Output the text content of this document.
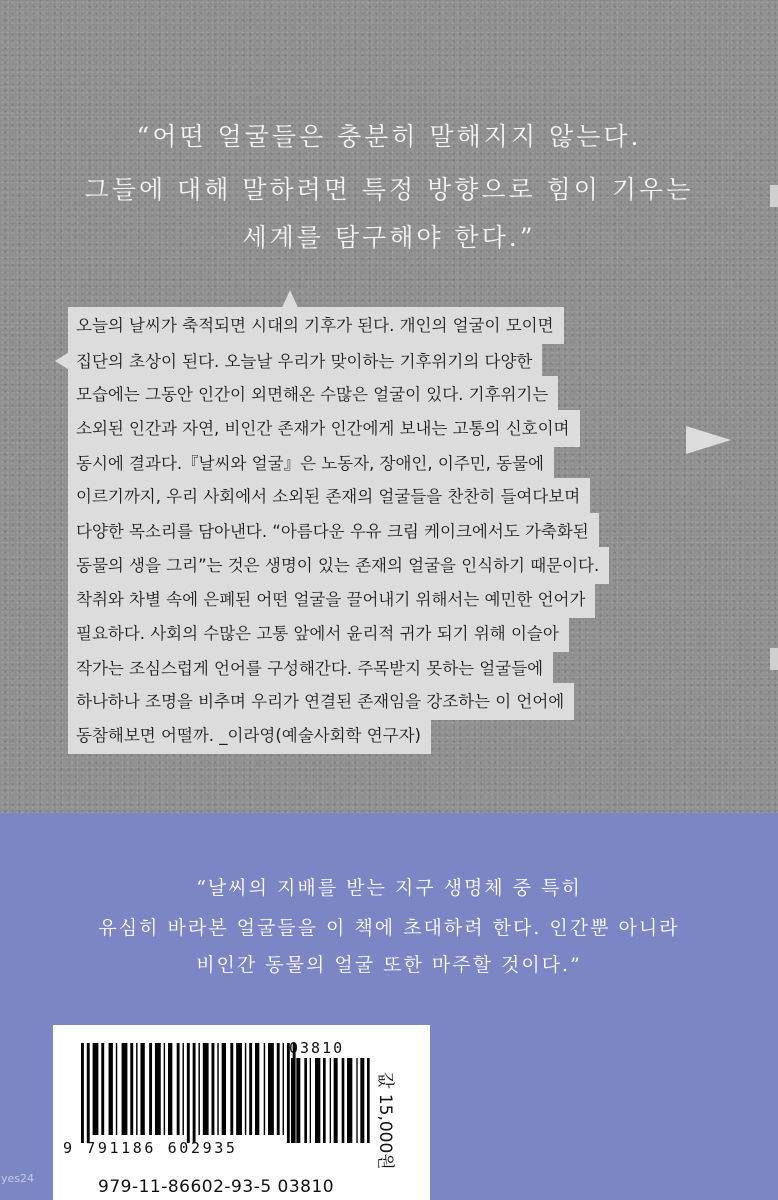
“어떤 얼굴들은 충분히 말해지지 않는다.
그들에 대해 말하려면 특정 방향으로 힘이 기우는
세계를 탐구해야 한다.”
오늘의 날씨가 축적되면 시대의 기후가 된다. 개인의 얼굴이 모이면
집단의 초상이 된다. 오늘날 우리가 맞이하는 기후위기의 다양한
모습에는 그동안 인간이 외면해온 수많은 얼굴이 있다. 기후위기는
소외된 인간과 자연, 비인간 존재가 인간에게 보내는 고통의 신호이며
동시에 결과다.『날씨와 얼굴』은 노동자, 장애인, 이주민, 동물에
이르기까지, 우리 사회에서 소외된 존재의 얼굴들을 찬찬히 들여다보며
다양한 목소리를 담아낸다. “아름다운 우유 크림 케이크에서도 가축화된
동물의 생을 그리”는 것은 생명이 있는 존재의 얼굴을 인식하기 때문이다.
착취와 차별 속에 은폐된 어떤 얼굴을 끌어내기 위해서는 예민한 언어가
필요하다. 사회의 수많은 고통 앞에서 윤리적 귀가 되기 위해 이슬아
작가는 조심스럽게 언어를 구성해간다. 주목받지 못하는 얼굴들에
하나하나 조명을 비추며 우리가 연결된 존재임을 강조하는 이 언어에
동참해보면 어떨까. _이라영(예술사회학 연구자)
“날씨의 지배를 받는 지구 생명체 중 특히
유심히 바라본 얼굴들을 이 책에 초대하려 한다. 인간뿐 아니라
비인간 동물의 얼굴 또한 마주할 것이다.”
03810
9 791186 602935
979-11-86602-93-5 03810
값 15,000원
yes24
